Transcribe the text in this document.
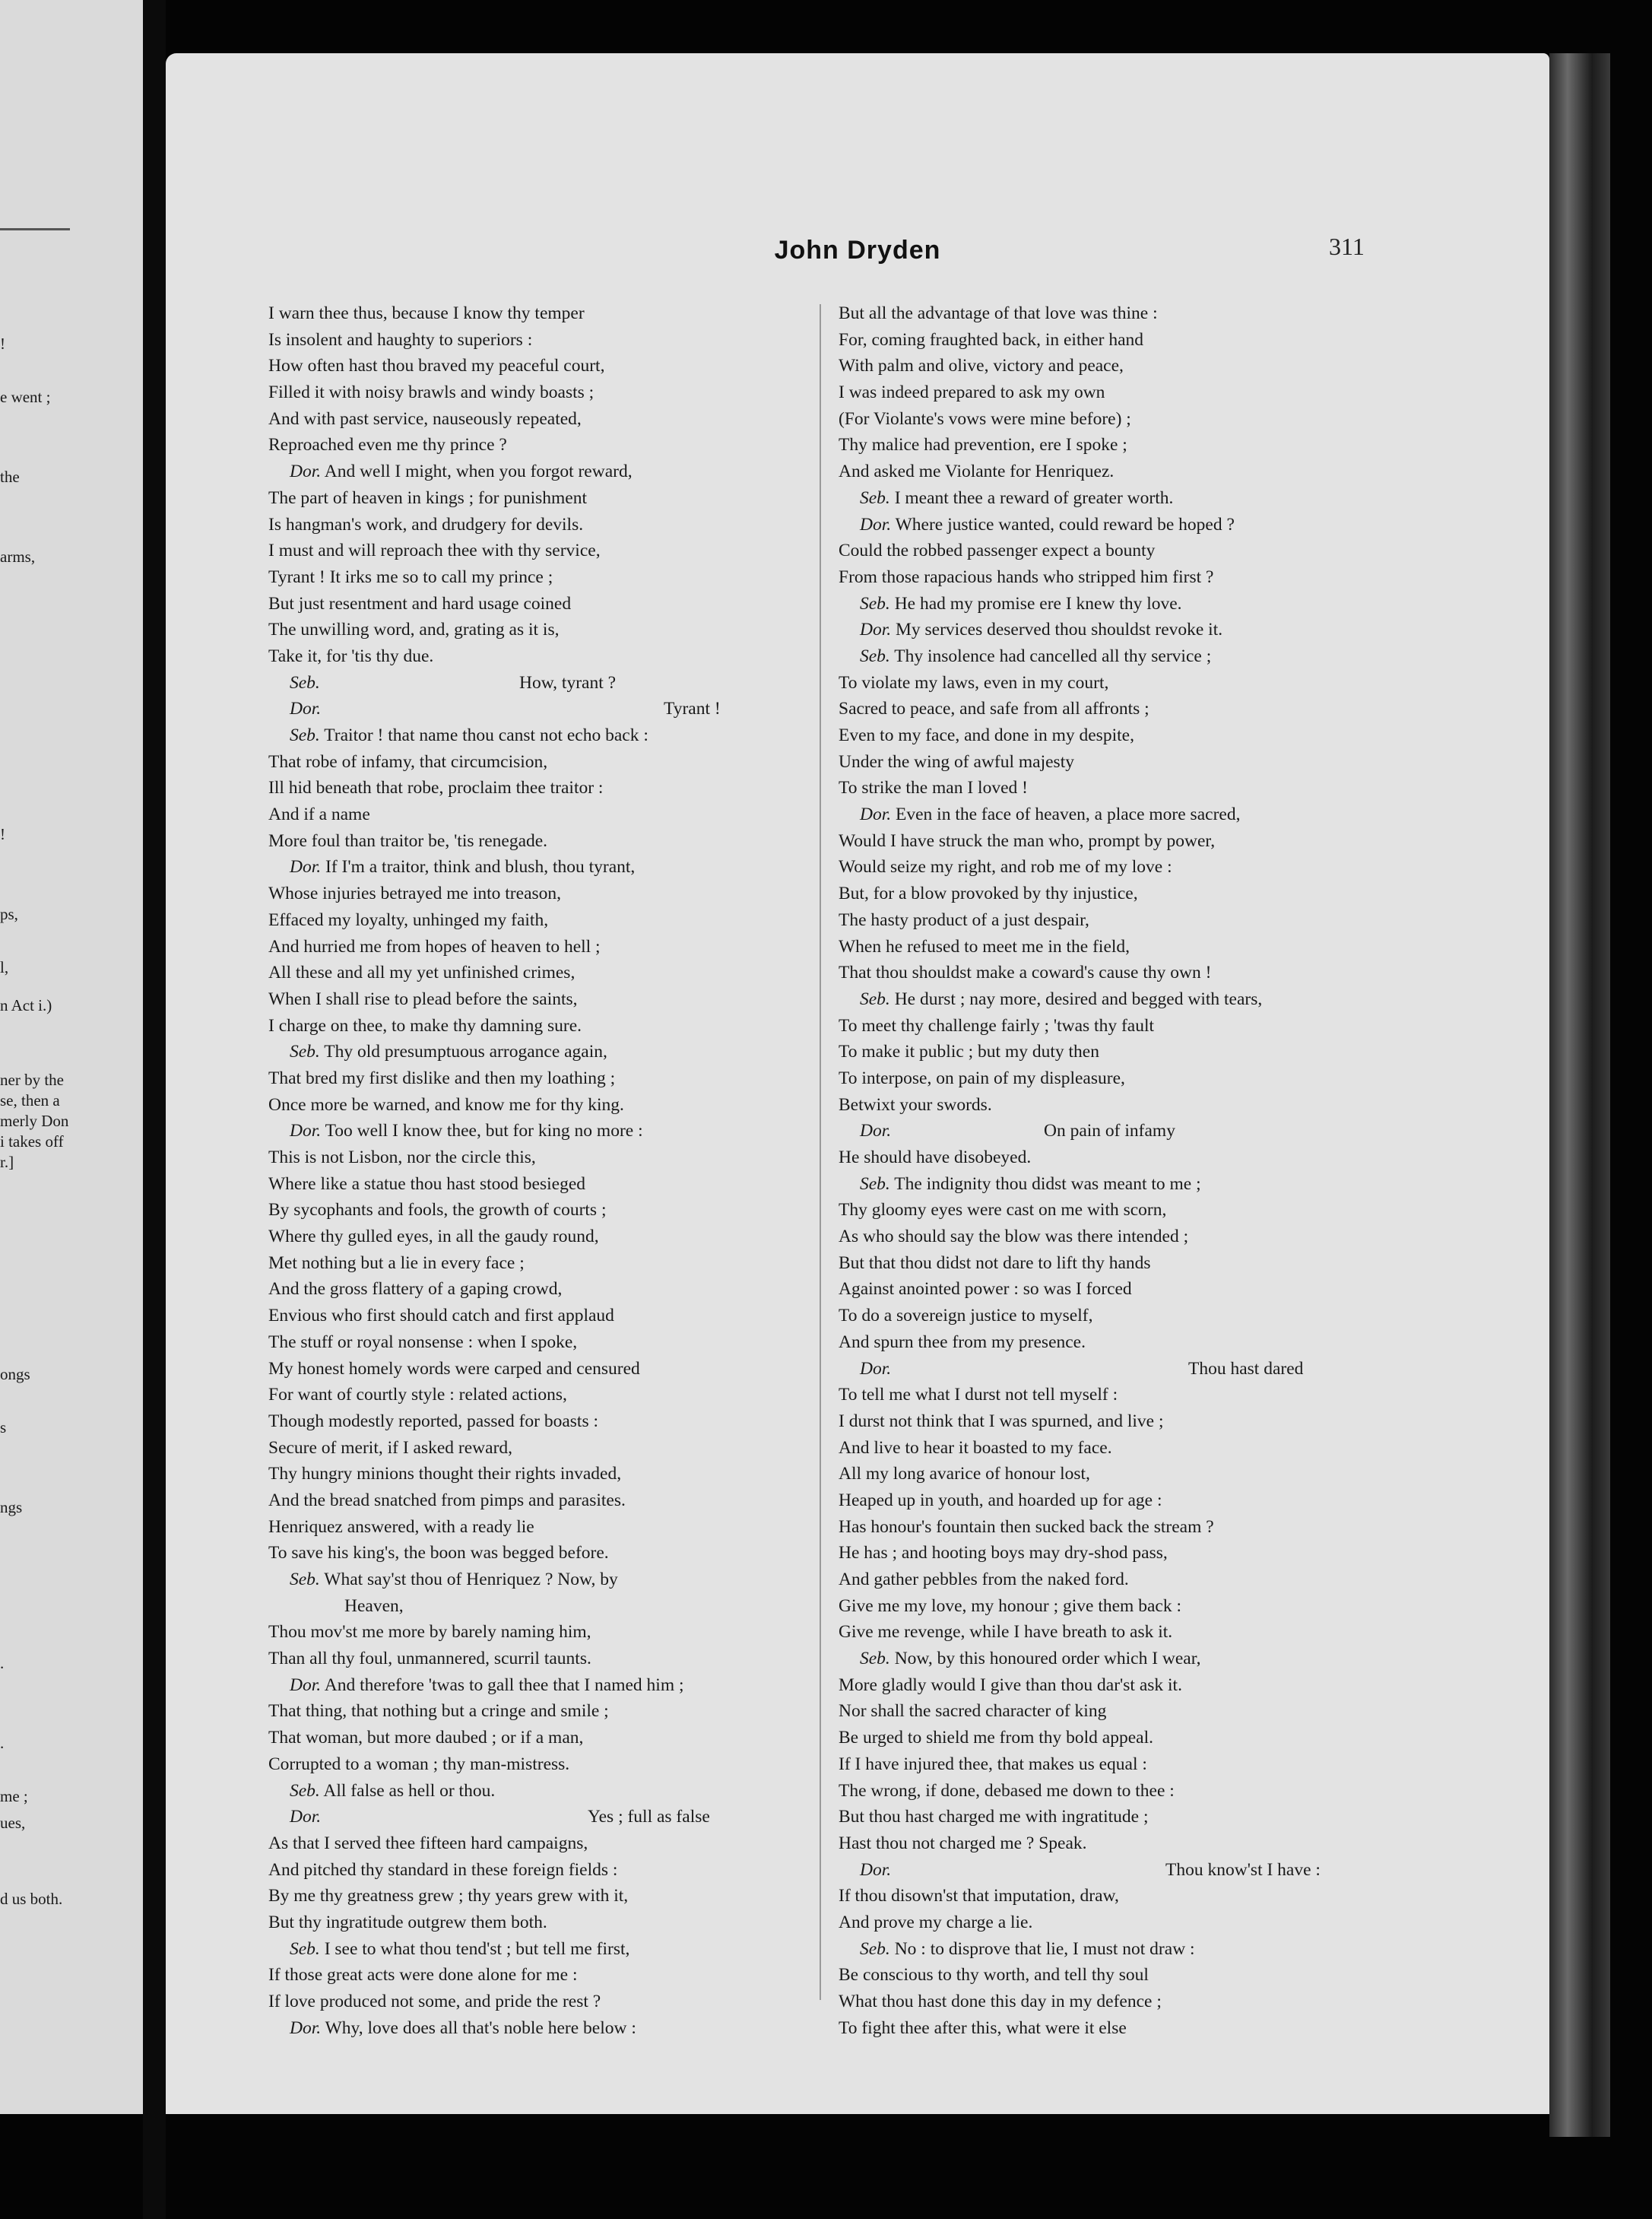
!
e went ;
the
arms,
!
ps,
l,
n Act i.)
ner by the
se, then a
merly Don
i takes off
r.]
ongs
s
ngs
.
.
me ;
ues,
d us both.
John Dryden	311
I warn thee thus, because I know thy temper
Is insolent and haughty to superiors :
How often hast thou braved my peaceful court,
Filled it with noisy brawls and windy boasts ;
And with past service, nauseously repeated,
Reproached even me thy prince ?
Dor. And well I might, when you forgot reward,
The part of heaven in kings ; for punishment
Is hangman's work, and drudgery for devils.
I must and will reproach thee with thy service,
Tyrant ! It irks me so to call my prince ;
But just resentment and hard usage coined
The unwilling word, and, grating as it is,
Take it, for 'tis thy due.
Seb.	How, tyrant ?
Dor.	Tyrant !
Seb. Traitor ! that name thou canst not echo back :
That robe of infamy, that circumcision,
Ill hid beneath that robe, proclaim thee traitor :
And if a name
More foul than traitor be, 'tis renegade.
Dor. If I'm a traitor, think and blush, thou tyrant,
Whose injuries betrayed me into treason,
Effaced my loyalty, unhinged my faith,
And hurried me from hopes of heaven to hell ;
All these and all my yet unfinished crimes,
When I shall rise to plead before the saints,
I charge on thee, to make thy damning sure.
Seb. Thy old presumptuous arrogance again,
That bred my first dislike and then my loathing ;
Once more be warned, and know me for thy king.
Dor. Too well I know thee, but for king no more :
This is not Lisbon, nor the circle this,
Where like a statue thou hast stood besieged
By sycophants and fools, the growth of courts ;
Where thy gulled eyes, in all the gaudy round,
Met nothing but a lie in every face ;
And the gross flattery of a gaping crowd,
Envious who first should catch and first applaud
The stuff or royal nonsense : when I spoke,
My honest homely words were carped and censured
For want of courtly style : related actions,
Though modestly reported, passed for boasts :
Secure of merit, if I asked reward,
Thy hungry minions thought their rights invaded,
And the bread snatched from pimps and parasites.
Henriquez answered, with a ready lie
To save his king's, the boon was begged before.
Seb. What say'st thou of Henriquez ? Now, by
Heaven,
Thou mov'st me more by barely naming him,
Than all thy foul, unmannered, scurril taunts.
Dor. And therefore 'twas to gall thee that I named him ;
That thing, that nothing but a cringe and smile ;
That woman, but more daubed ; or if a man,
Corrupted to a woman ; thy man-mistress.
Seb. All false as hell or thou.
Dor.	Yes ; full as false
As that I served thee fifteen hard campaigns,
And pitched thy standard in these foreign fields :
By me thy greatness grew ; thy years grew with it,
But thy ingratitude outgrew them both.
Seb. I see to what thou tend'st ; but tell me first,
If those great acts were done alone for me :
If love produced not some, and pride the rest ?
Dor. Why, love does all that's noble here below :
But all the advantage of that love was thine :
For, coming fraughted back, in either hand
With palm and olive, victory and peace,
I was indeed prepared to ask my own
(For Violante's vows were mine before) ;
Thy malice had prevention, ere I spoke ;
And asked me Violante for Henriquez.
Seb. I meant thee a reward of greater worth.
Dor. Where justice wanted, could reward be hoped ?
Could the robbed passenger expect a bounty
From those rapacious hands who stripped him first ?
Seb. He had my promise ere I knew thy love.
Dor. My services deserved thou shouldst revoke it.
Seb. Thy insolence had cancelled all thy service ;
To violate my laws, even in my court,
Sacred to peace, and safe from all affronts ;
Even to my face, and done in my despite,
Under the wing of awful majesty
To strike the man I loved !
Dor. Even in the face of heaven, a place more sacred,
Would I have struck the man who, prompt by power,
Would seize my right, and rob me of my love :
But, for a blow provoked by thy injustice,
The hasty product of a just despair,
When he refused to meet me in the field,
That thou shouldst make a coward's cause thy own !
Seb. He durst ; nay more, desired and begged with tears,
To meet thy challenge fairly ; 'twas thy fault
To make it public ; but my duty then
To interpose, on pain of my displeasure,
Betwixt your swords.
Dor.	On pain of infamy
He should have disobeyed.
Seb. The indignity thou didst was meant to me ;
Thy gloomy eyes were cast on me with scorn,
As who should say the blow was there intended ;
But that thou didst not dare to lift thy hands
Against anointed power : so was I forced
To do a sovereign justice to myself,
And spurn thee from my presence.
Dor.	Thou hast dared
To tell me what I durst not tell myself :
I durst not think that I was spurned, and live ;
And live to hear it boasted to my face.
All my long avarice of honour lost,
Heaped up in youth, and hoarded up for age :
Has honour's fountain then sucked back the stream ?
He has ; and hooting boys may dry-shod pass,
And gather pebbles from the naked ford.
Give me my love, my honour ; give them back :
Give me revenge, while I have breath to ask it.
Seb. Now, by this honoured order which I wear,
More gladly would I give than thou dar'st ask it.
Nor shall the sacred character of king
Be urged to shield me from thy bold appeal.
If I have injured thee, that makes us equal :
The wrong, if done, debased me down to thee :
But thou hast charged me with ingratitude ;
Hast thou not charged me ? Speak.
Dor.	Thou know'st I have :
If thou disown'st that imputation, draw,
And prove my charge a lie.
Seb. No : to disprove that lie, I must not draw :
Be conscious to thy worth, and tell thy soul
What thou hast done this day in my defence ;
To fight thee after this, what were it else
